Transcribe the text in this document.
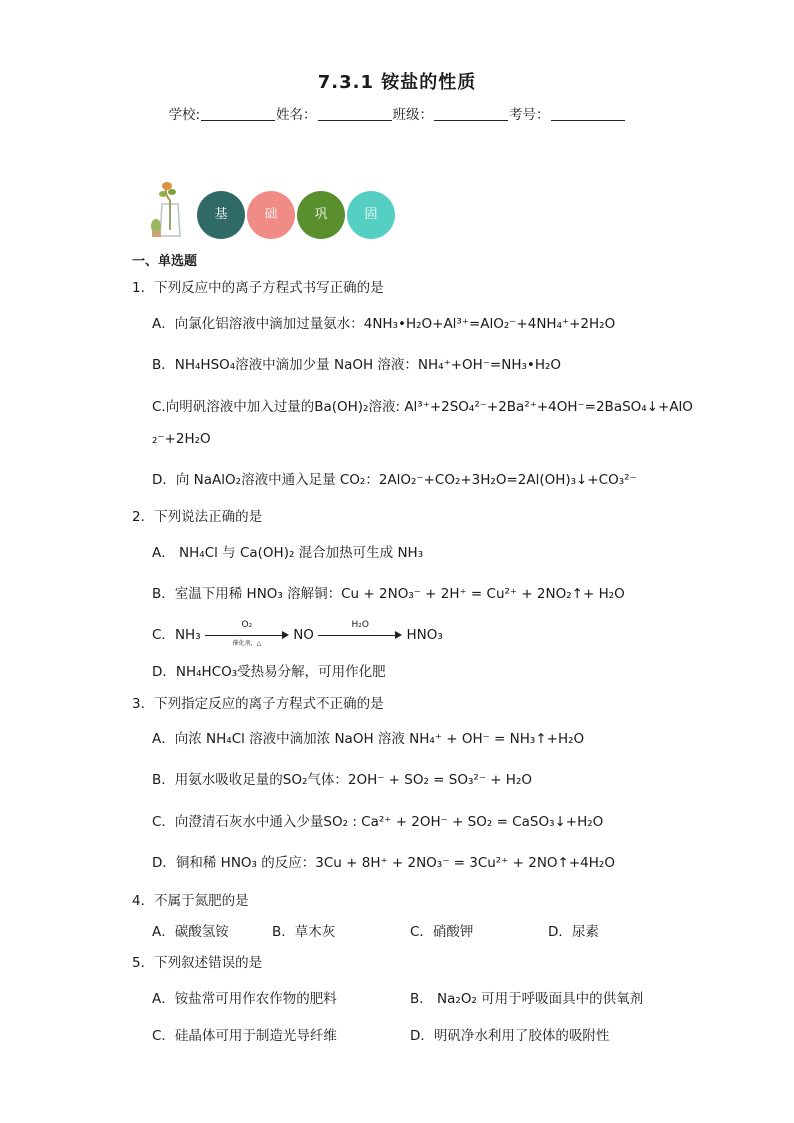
7.3.1 铵盐的性质
学校:	姓名：	班级：	考号：
基	础	巩	固
一、单选题
1．下列反应中的离子方程式书写正确的是
A．向氯化铝溶液中滴加过量氨水：4NH₃•H₂O+Al³⁺=AlO₂⁻+4NH₄⁺+2H₂O
B．NH₄HSO₄溶液中滴加少量 NaOH 溶液：NH₄⁺+OH⁻=NH₃•H₂O
C.向明矾溶液中加入过量的Ba(OH)₂溶液: Al³⁺+2SO₄²⁻+2Ba²⁺+4OH⁻=2BaSO₄↓+AlO
₂⁻+2H₂O
D．向 NaAlO₂溶液中通入足量 CO₂：2AlO₂⁻+CO₂+3H₂O=2Al(OH)₃↓+CO₃²⁻
2．下列说法正确的是
A． NH₄Cl 与 Ca(OH)₂ 混合加热可生成 NH₃
B．室温下用稀 HNO₃ 溶解铜：Cu + 2NO₃⁻ + 2H⁺ = Cu²⁺ + 2NO₂↑+ H₂O
C．NH₃
O₂
催化剂，△
NO
H₂O
HNO₃
D．NH₄HCO₃受热易分解，可用作化肥
3．下列指定反应的离子方程式不正确的是
A．向浓 NH₄Cl 溶液中滴加浓 NaOH 溶液 NH₄⁺ + OH⁻ = NH₃↑+H₂O
B．用氨水吸收足量的SO₂气体：2OH⁻ + SO₂ = SO₃²⁻ + H₂O
C．向澄清石灰水中通入少量SO₂ : Ca²⁺ + 2OH⁻ + SO₂ = CaSO₃↓+H₂O
D．铜和稀 HNO₃ 的反应：3Cu + 8H⁺ + 2NO₃⁻ = 3Cu²⁺ + 2NO↑+4H₂O
4．不属于氮肥的是
A．碳酸氢铵	B．草木灰	C．硝酸钾	D．尿素
5．下列叙述错误的是
A．铵盐常可用作农作物的肥料	B． Na₂O₂ 可用于呼吸面具中的供氧剂
C．硅晶体可用于制造光导纤维	D．明矾净水利用了胶体的吸附性
